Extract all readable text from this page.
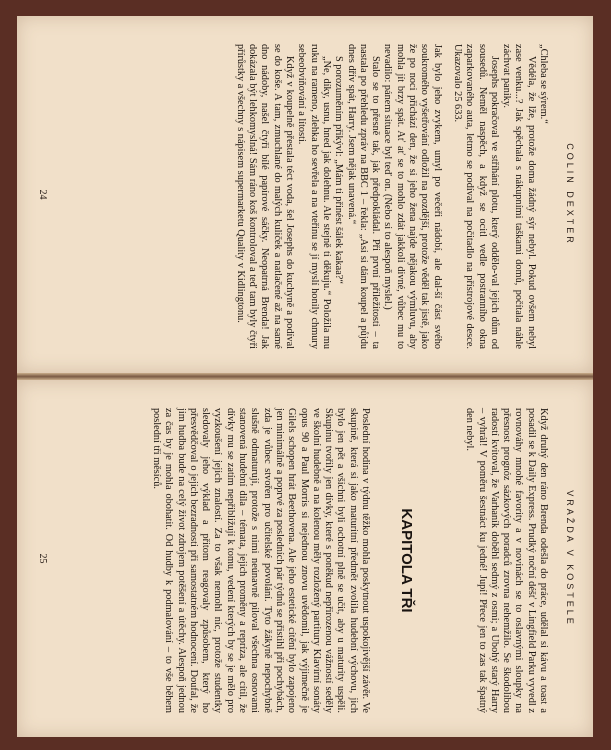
COLIN DEXTER

„Chleba se sýrem.“

Vědéla, že lže, protože doma žádný sýr nebyl. Pokud ovšem nebyl zase venku...? Jak spěchala s nákupními taškami domů, počítala náhle záchvat paniky.

Josephs pokračoval ve stříhání plotu, který oddělo-val jejich dům od sousedů. Neměl naspěch, a když se ocitl vedle postranního okna zaparkovaného auta, letmo se podíval na počitadlo na přístrojové desce. Ukazovalo 25 633.

Jak bylo jeho zvykem, umyl po večeři nádobí, ale dal-ší část svého soukromého vyšetřování odložil na pozdější, protože věděl tak jistě, jako že po noci přichází den, že si jeho žena najde nějakou výmluvu, aby mohla jít brzy spát. Ať ať se to mohlo zdát jakkoli divné, vůbec mu to nevadilo: pánem situace byl teď on. (Nebo si to alespoň myslel.)

Stalo se to přesně tak, jak předpokládal. Při první příležitosti – ta nastala po přehledu zpráv na BBC 1 – řekla: „Asi si dám koupel a půjdu dnes dřív spát, Harry. Jsem nějak unavená.“

S porozuměním přikývl: „Mám ti přinést šálek kakaa?“

„Ne, díky, usnu, hned jak dolehnu. Ale stejně ti děkuju.“ Položila mu ruku na rameno, zlehka ho sevřela a na vteřinu se jí myslí honily chmury sebeobviňování a lítosti.

Když v koupelně přestala téct voda, šel Josephs do kuchyně a podíval se do koše. A tam, zmuchlané do malých kuliček a natlačené až na samé dno nádoby, našel čtyři bílé papírové sáčky. Neopatrná Brenda! Jak dokázala být lehkomyslná! Sám ráno koš kontroloval a teď tam byly čtyři přírůstky a všechny s nápisem supermarketu Quality v Kidlingtonu.

24
VRAŽDA V KOSTELE

Když druhý den ráno Brenda odešla do práce, udělal si kávu a toast a posadil se k Daily Express. Prudký noční déšť v Lingfield Parku vyvedl z rovnováhy mnohé favority a v novinách se to oslavnými sloupky na přesnost prognóz sázkových poradců zrovna nehemžilo. Se škodolibou radostí kvitoval, že Varhaník doběhl sedmý z osmi; a Ubohý starý Harry – vyhrál! V poměru šestnáct ku jedné! Jupí! Přece jen to zas tak špatný den nebyl.

KAPITOLA TŘI

Poslední hodina v týdnu těžko mohla poskytnout uspokojivější závěr. Ve skupině, která si jako maturitní předmět zvolila hudební výchovu, jich bylo jen pět a všichni byli ochotní plně se učit, aby u maturity uspěli. Skupinu tvořily jen dívky, které s poněkud nepřirozenou vážností seděly ve školní hudebně a na kolenou měly rozložený partitury Klavírní sonáty opus 90 a Paul Morris si nejednou znovu uvědomil, jak výjimečně je Gilels schopen hrát Beethovena. Ale jeho estetické cítění bylo zapojeno jen minimálně a poprvé za posledních pár týdnů se přistihl při pochybách, zda je vůbec stvořen pro učitelské povolání. Tyto žákyně nepochybně slušně odmaturují, protože s nimi neúnavně piloval všechna osnovami stanovená hudební díla – témata, jejich proměny a repríza, ale cítil, že dívky mu se zatím nepřibližují k tomu, vedení kterých by se je mělo pro vyzkoušení jejich znalostí. Za to však nemohl nic, protože studentky sledovaly jeho výklad a přitom reagovaly způsobem, který ho přesvědčoval o jejich bezradnosti při samostatném hodnocení. Doufal, že jim hudba bude na celý život zdrojem potěšení a útěchy. Alespoň jednou za čas by je mohla obohatit. Od hudby k podmalování – to vše během poslední tři měsíců.

25
